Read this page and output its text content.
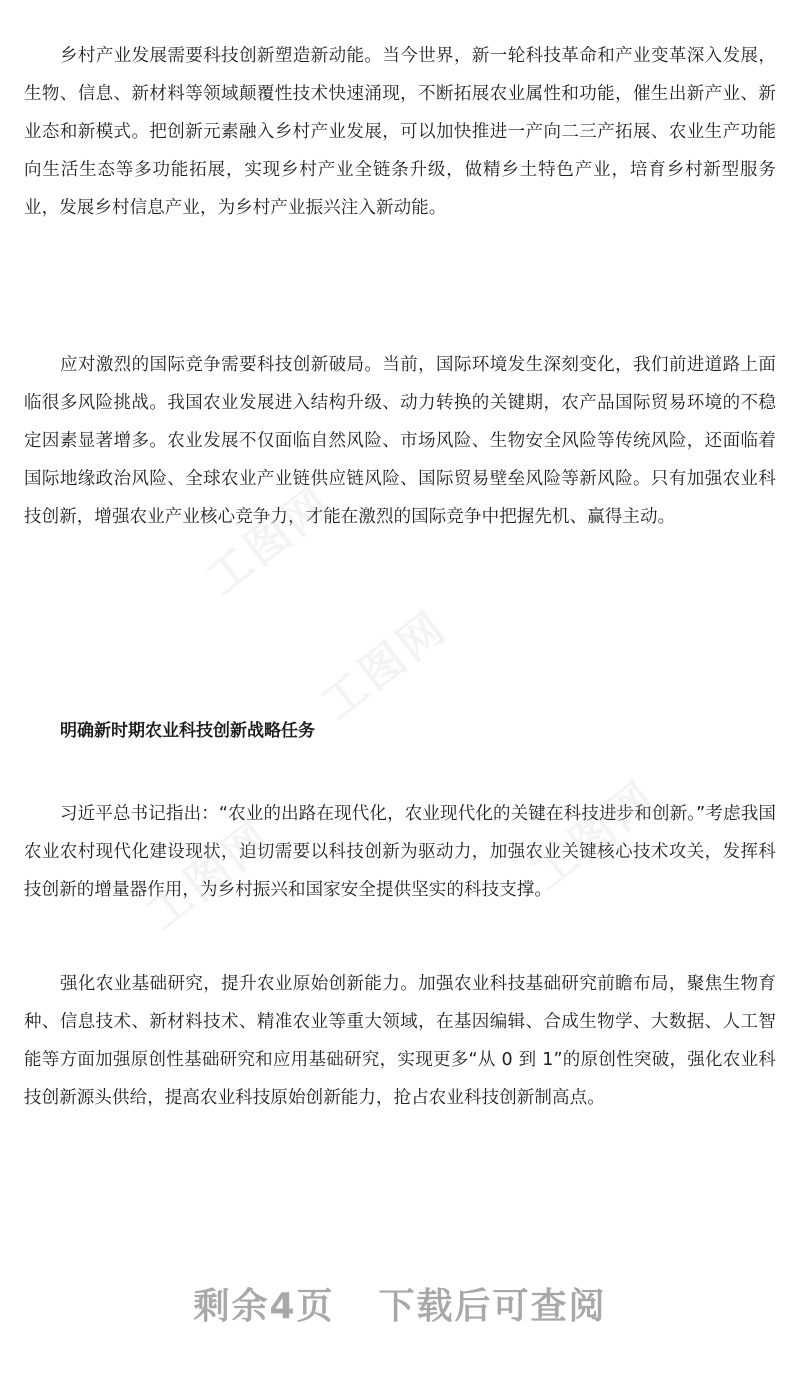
乡村产业发展需要科技创新塑造新动能。当今世界，新一轮科技革命和产业变革深入发展，生物、信息、新材料等领域颠覆性技术快速涌现，不断拓展农业属性和功能，催生出新产业、新业态和新模式。把创新元素融入乡村产业发展，可以加快推进一产向二三产拓展、农业生产功能向生活生态等多功能拓展，实现乡村产业全链条升级，做精乡土特色产业，培育乡村新型服务业，发展乡村信息产业，为乡村产业振兴注入新动能。

应对激烈的国际竞争需要科技创新破局。当前，国际环境发生深刻变化，我们前进道路上面临很多风险挑战。我国农业发展进入结构升级、动力转换的关键期，农产品国际贸易环境的不稳定因素显著增多。农业发展不仅面临自然风险、市场风险、生物安全风险等传统风险，还面临着国际地缘政治风险、全球农业产业链供应链风险、国际贸易壁垒风险等新风险。只有加强农业科技创新，增强农业产业核心竞争力，才能在激烈的国际竞争中把握先机、赢得主动。

明确新时期农业科技创新战略任务

习近平总书记指出：“农业的出路在现代化，农业现代化的关键在科技进步和创新。”考虑我国农业农村现代化建设现状，迫切需要以科技创新为驱动力，加强农业关键核心技术攻关，发挥科技创新的增量器作用，为乡村振兴和国家安全提供坚实的科技支撑。

强化农业基础研究，提升农业原始创新能力。加强农业科技基础研究前瞻布局，聚焦生物育种、信息技术、新材料技术、精准农业等重大领域，在基因编辑、合成生物学、大数据、人工智能等方面加强原创性基础研究和应用基础研究，实现更多“从 0 到 1”的原创性突破，强化农业科技创新源头供给，提高农业科技原始创新能力，抢占农业科技创新制高点。

工图网
工图网
工图网	工图网
剩余4页 下载后可查阅
